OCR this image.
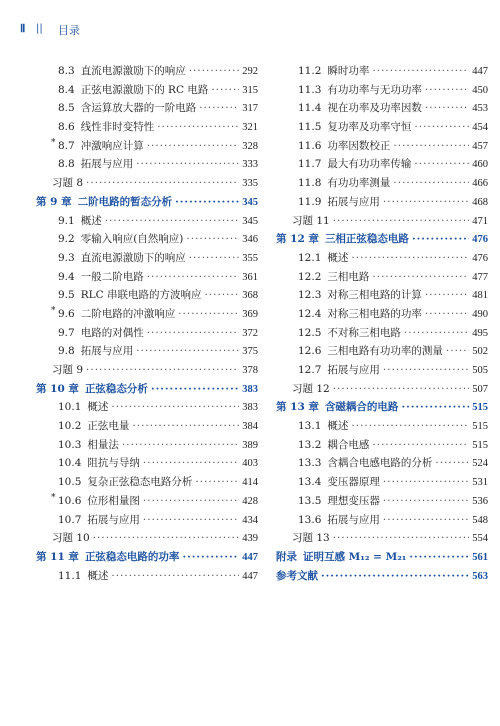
Ⅱ || 目录
8.3 直流电源激励下的响应 ·····	292
8.4 正弦电源激励下的 RC 电路 ·····	315
8.5 含运算放大器的一阶电路 ·····	317
8.6 线性非时变特性 ·····	321
* 8.7 冲激响应计算 ·····	328
8.8 拓展与应用 ·····	333
习题 8 ·····	335
第 9 章 二阶电路的暂态分析 ·····	345
9.1 概述 ·····	345
9.2 零输入响应(自然响应) ·····	346
9.3 直流电源激励下的响应 ·····	355
9.4 一般二阶电路 ·····	361
9.5 RLC 串联电路的方波响应 ·····	368
* 9.6 二阶电路的冲激响应 ·····	369
9.7 电路的对偶性 ·····	372
9.8 拓展与应用 ·····	375
习题 9 ·····	378
第 10 章 正弦稳态分析 ·····	383
10.1 概述 ·····	383
10.2 正弦电量 ·····	384
10.3 相量法 ·····	389
10.4 阻抗与导纳 ·····	403
10.5 复杂正弦稳态电路分析 ·····	414
* 10.6 位形相量图 ·····	428
10.7 拓展与应用 ·····	434
习题 10 ·····	439
第 11 章 正弦稳态电路的功率 ·····	447
11.1 概述 ·····	447
11.2 瞬时功率 ·····	447
11.3 有功功率与无功功率 ·····	450
11.4 视在功率及功率因数 ·····	453
11.5 复功率及功率守恒 ·····	454
11.6 功率因数校正 ·····	457
11.7 最大有功功率传输 ·····	460
11.8 有功功率测量 ·····	466
11.9 拓展与应用 ·····	468
习题 11 ·····	471
第 12 章 三相正弦稳态电路 ·····	476
12.1 概述 ·····	476
12.2 三相电路 ·····	477
12.3 对称三相电路的计算 ·····	481
12.4 对称三相电路的功率 ·····	490
12.5 不对称三相电路 ·····	495
12.6 三相电路有功功率的测量 ·····	502
12.7 拓展与应用 ·····	505
习题 12 ·····	507
第 13 章 含磁耦合的电路 ·····	515
13.1 概述 ·····	515
13.2 耦合电感 ·····	515
13.3 含耦合电感电路的分析 ·····	524
13.4 变压器原理 ·····	531
13.5 理想变压器 ·····	536
13.6 拓展与应用 ·····	548
习题 13 ·····	554
附录 证明互感 M₁₂ = M₂₁ ·····	561
参考文献 ·····	563
